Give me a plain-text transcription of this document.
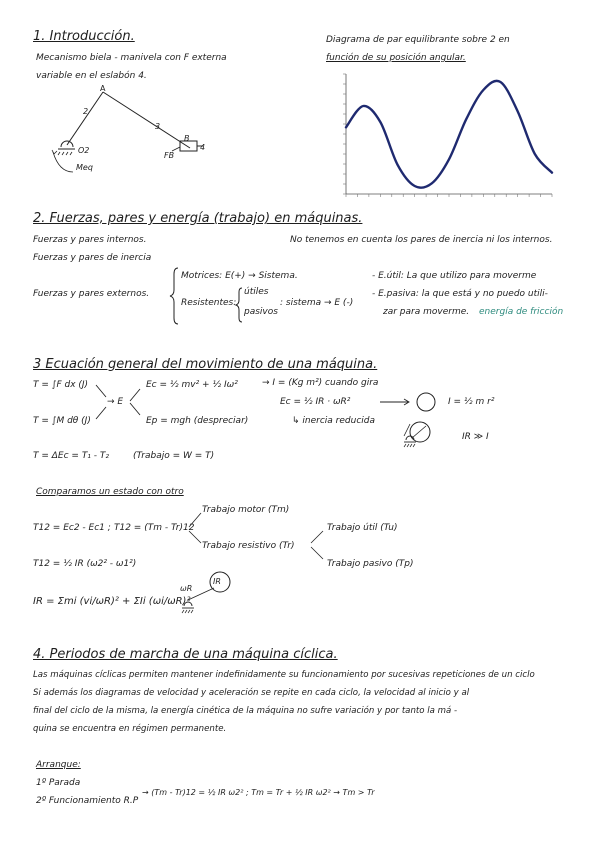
1. Introducción.
Mecanismo biela - manivela con F externa
variable en el eslabón 4.
Diagrama de par equilibrante sobre 2 en
función de su posición angular.
A
2
3
B
4
O2
FB
Meq
2. Fuerzas, pares y energía (trabajo) en máquinas.
Fuerzas y pares internos.	No tenemos en cuenta los pares de inercia ni los internos.
Fuerzas y pares de inercia
Fuerzas y pares externos.
Motrices: E(+) → Sistema.
Resistentes:
útiles
pasivos
: sistema → E (-)
- E.útil: La que utilizo para moverme
- E.pasiva: la que está y no puedo utili-
zar para moverme. energía de fricción
3 Ecuación general del movimiento de una máquina.
T = ∫F dx (J)
T = ∫M dθ (J)
→ E
Ec = ½ mv² + ½ Iω²
Ep = mgh (despreciar)
→ I = (Kg m²) cuando gira
Ec = ½ IR · ωR²
↳ inercia reducida
I = ½ m r²
IR ≫ I
T = ΔEc = T₁ - T₂	(Trabajo = W = T)
Comparamos un estado con otro
T12 = Ec2 - Ec1 ; T12 = (Tm - Tr)12
Trabajo motor (Tm)
Trabajo resistivo (Tr)
Trabajo útil (Tu)
Trabajo pasivo (Tp)
T12 = ½ IR (ω2² - ω1²)
IR = Σmi (vi/ωR)² + ΣIi (ωi/ωR)²
ωR
IR
4. Periodos de marcha de una máquina cíclica.
Las máquinas cíclicas permiten mantener indefinidamente su funcionamiento por sucesivas repeticiones de un ciclo
Si además los diagramas de velocidad y aceleración se repite en cada ciclo, la velocidad al inicio y al
final del ciclo de la misma, la energía cinética de la máquina no sufre variación y por tanto la má -
quina se encuentra en régimen permanente.
Arranque:
1º Parada
2º Funcionamiento R.P
→ (Tm - Tr)12 = ½ IR ω2² ; Tm = Tr + ½ IR ω2² → Tm > Tr
